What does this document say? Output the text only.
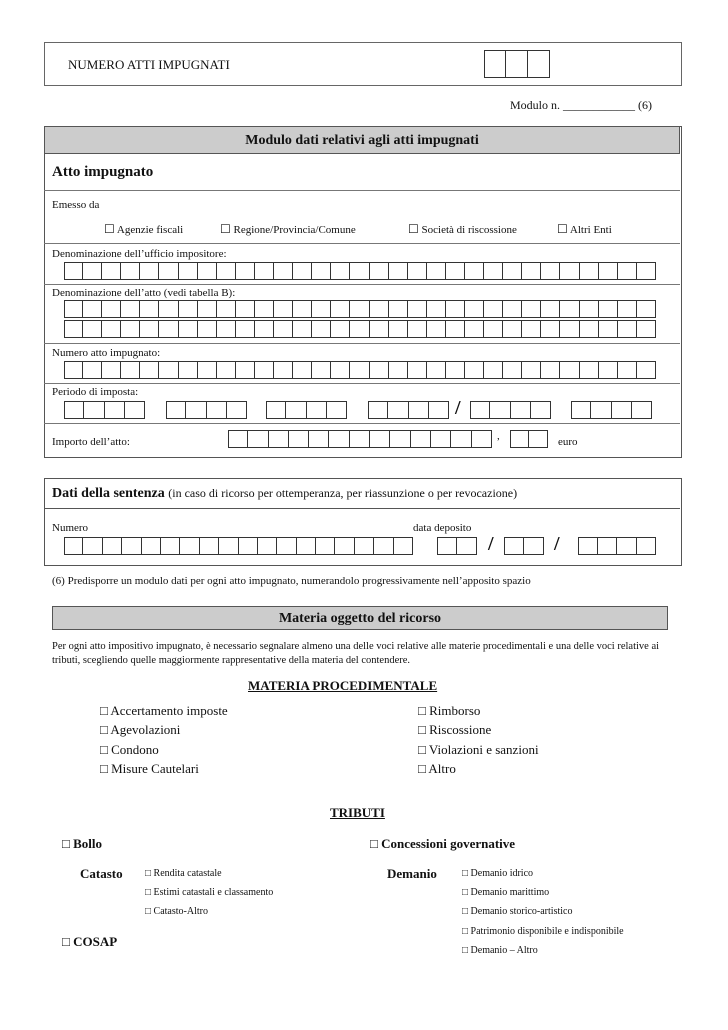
NUMERO ATTI IMPUGNATI
Modulo n. ____________ (6)
Modulo dati relativi agli atti impugnati
Atto impugnato
Emesso da
☐ Agenzie fiscali	☐ Regione/Provincia/Comune	☐ Società di riscossione	☐ Altri Enti
Denominazione dell’ufficio impositore:
Denominazione dell’atto (vedi tabella B):
Numero atto impugnato:
Periodo di imposta:
/
Importo dell’atto:	,	euro
Dati della sentenza (in caso di ricorso per ottemperanza, per riassunzione o per revocazione)
Numero	data deposito
/	/
(6) Predisporre un modulo dati per ogni atto impugnato, numerandolo progressivamente nell’apposito spazio
Materia oggetto del ricorso
Per ogni atto impositivo impugnato, è necessario segnalare almeno una delle voci relative alle materie procedimentali e una delle voci relative ai tributi, scegliendo quelle maggiormente rappresentative della materia del contendere.
MATERIA PROCEDIMENTALE
□ Accertamento imposte
□ Agevolazioni
□ Condono
□ Misure Cautelari
□ Rimborso
□ Riscossione
□ Violazioni e sanzioni
□ Altro
TRIBUTI
□ Bollo	□ Concessioni governative
Catasto □ Rendita catastale
□ Estimi catastali e classamento
□ Catasto-Altro
Demanio	□ Demanio idrico
□ Demanio marittimo
□ Demanio storico-artistico
□ Patrimonio disponibile e indisponibile
□ Demanio – Altro
□ COSAP
